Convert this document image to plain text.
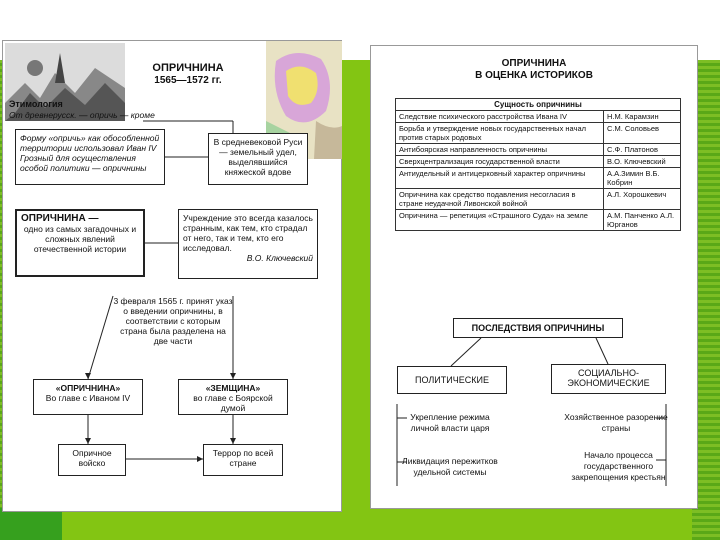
ОПРИЧНИНА
1565—1572 гг.
Этимология
От древнерусск. — опричь — кроме
Форму «опричь» как обособленной территории использовал Иван IV Грозный для осуществления особой политики — опричнины
В средневековой Руси — земельный удел, выделявшийся княжеской вдове
ОПРИЧНИНА —
одно из самых загадочных и сложных явлений отечественной истории
Учреждение это всегда казалось странным, как тем, кто страдал от него, так и тем, кто его исследовал.
В.О. Ключевский
3 февраля 1565 г. принят указ о введении опричнины, в соответствии с которым страна была разделена на две части
«ОПРИЧНИНА»
Во главе с Иваном IV
«ЗЕМЩИНА»
во главе с Боярской думой
Опричное войско
Террор по всей стране
ОПРИЧНИНА
В ОЦЕНКА ИСТОРИКОВ
Сущность опричнины	
Следствие психического расстройства Ивана IV	Н.М. Карамзин
Борьба и утверждение новых государственных начал против старых родовых	С.М. Соловьев
Антибоярская направленность опричнины	С.Ф. Платонов
Сверхцентрализация государственной власти	В.О. Ключевский
Антиудельный и антицерковный характер опричнины	А.А.Зимин В.Б. Кобрин
Опричнина как средство подавления несогласия в стране неудачной Ливонской войной	А.Л. Хорошкевич
Опричнина — репетиция «Страшного Суда» на земле	А.М. Панченко А.Л. Юрганов
ПОСЛЕДСТВИЯ ОПРИЧНИНЫ
ПОЛИТИЧЕСКИЕ
СОЦИАЛЬНО-ЭКОНОМИЧЕСКИЕ
Укрепление режима личной власти царя
Ликвидация пережитков удельной системы
Хозяйственное разорение страны
Начало процесса государственного закрепощения крестьян
